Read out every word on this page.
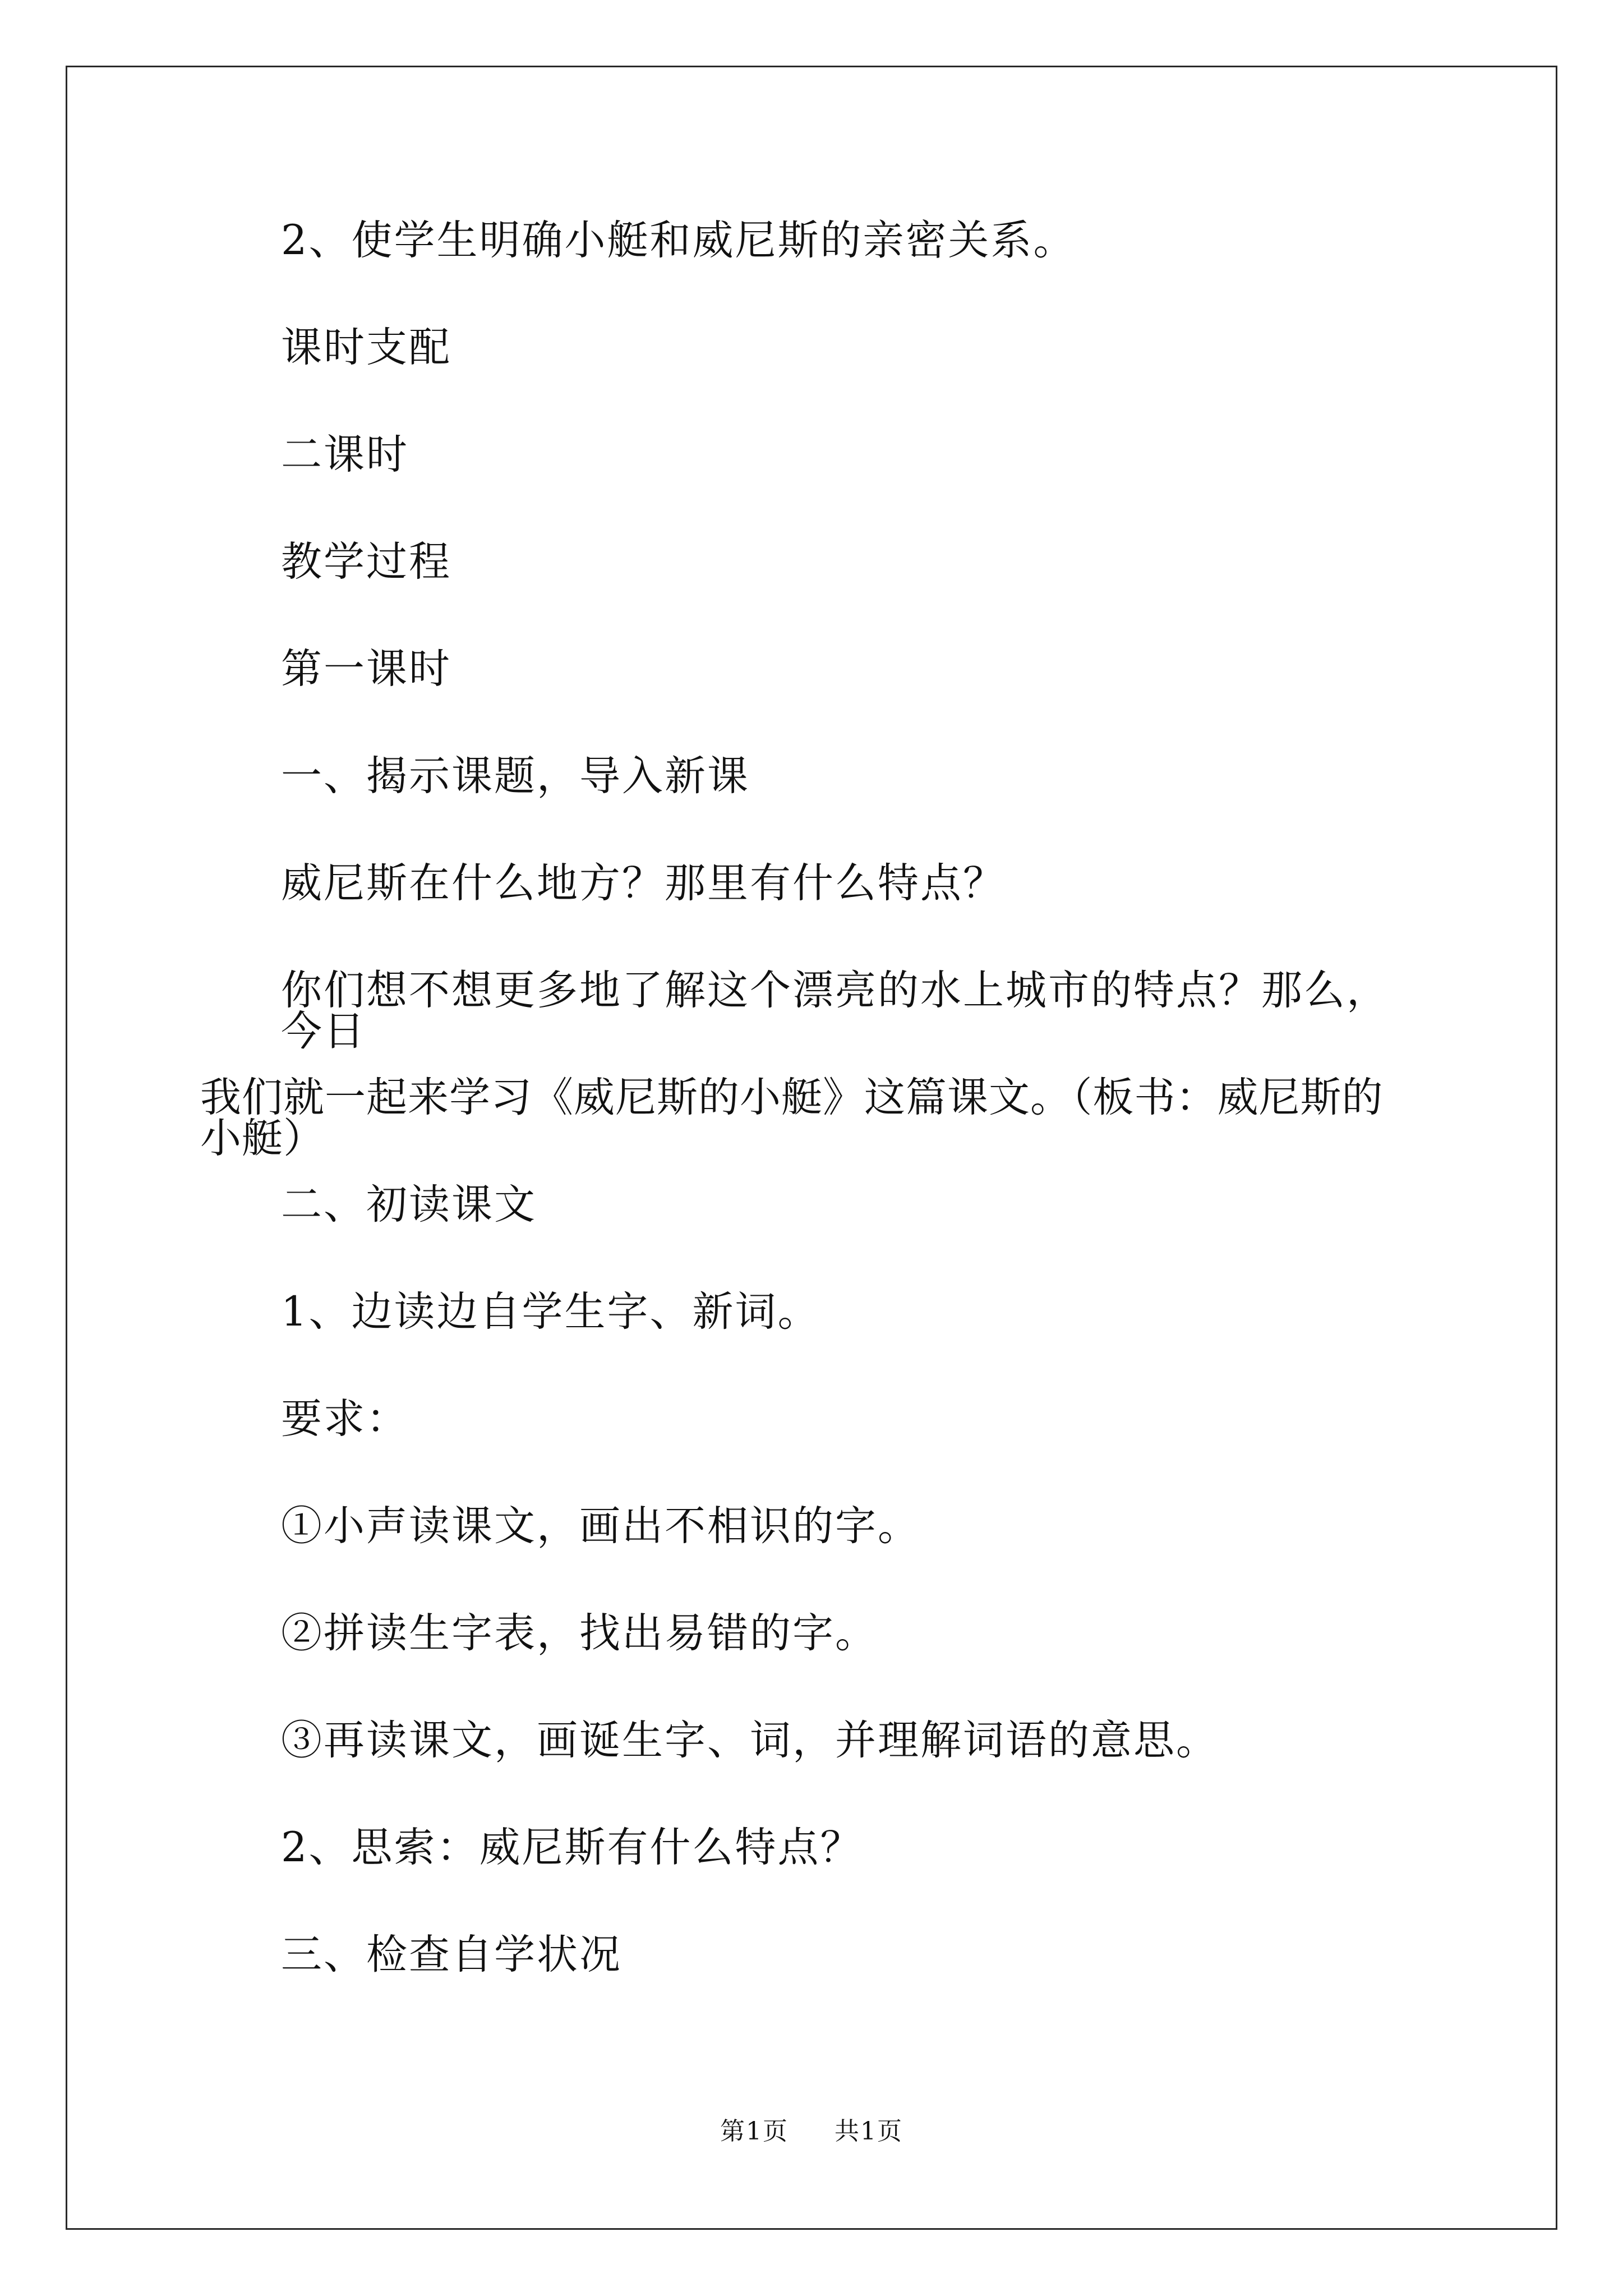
2、使学生明确小艇和威尼斯的亲密关系。

课时支配

二课时

教学过程

第一课时

一、揭示课题，导入新课

威尼斯在什么地方？那里有什么特点？

你们想不想更多地了解这个漂亮的水上城市的特点？那么，今日
我们就一起来学习《威尼斯的小艇》这篇课文。（板书：威尼斯的小艇）

二、初读课文

1、边读边自学生字、新词。

要求：

①小声读课文，画出不相识的字。

②拼读生字表，找出易错的字。

③再读课文，画诞生字、词，并理解词语的意思。

2、思索：威尼斯有什么特点？

三、检查自学状况

第1页 共1页
